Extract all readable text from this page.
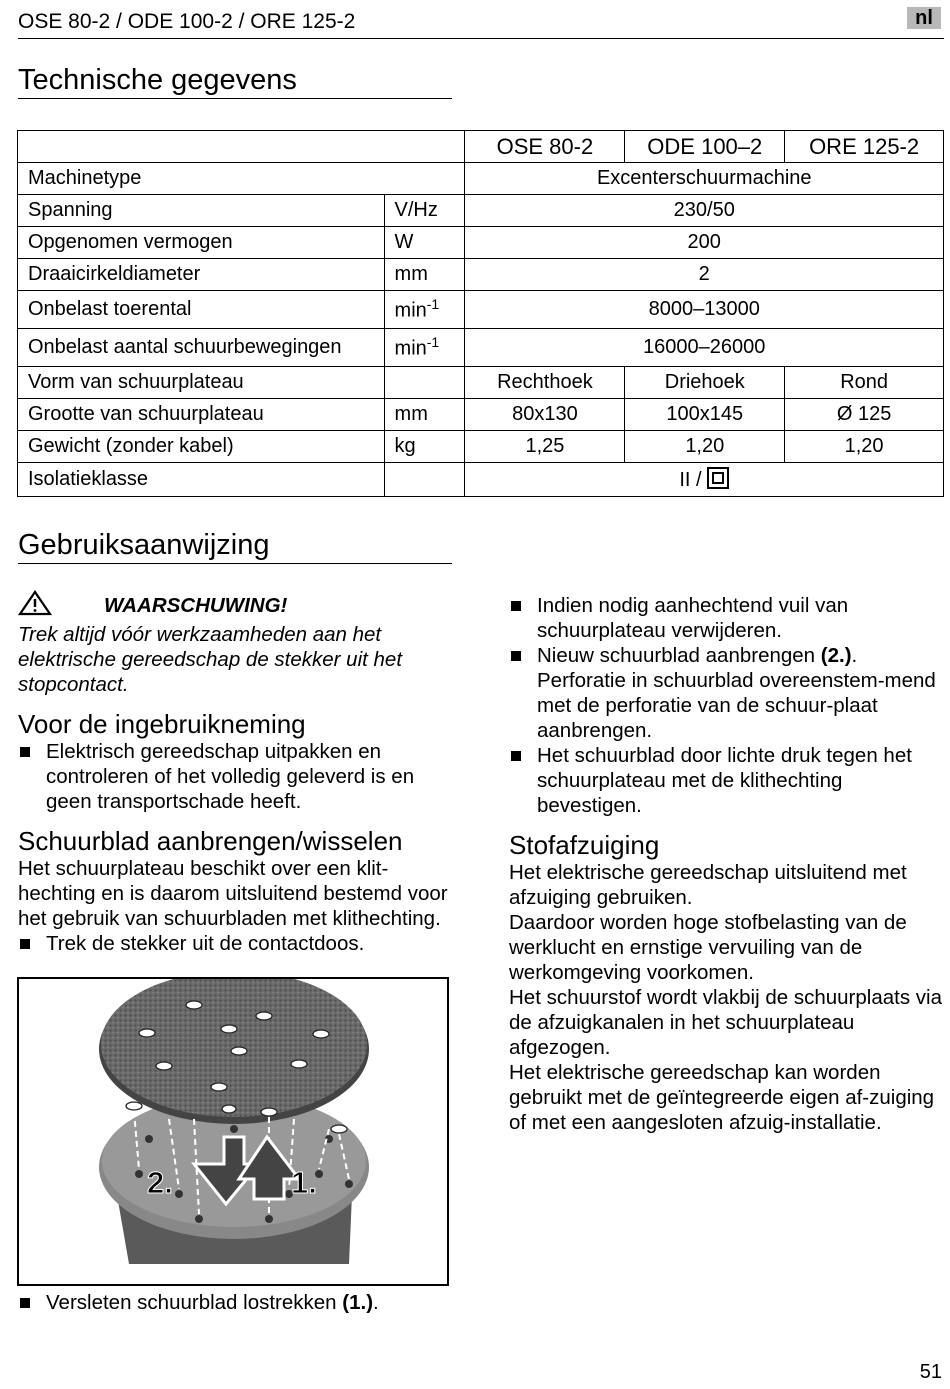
OSE 80-2 / ODE 100-2 / ORE 125-2	nl
Technische gegevens
		OSE 80-2	ODE 100–2	ORE 125-2
Machinetype		Excenterschuurmachine		
Spanning	V/Hz	230/50		
Opgenomen vermogen	W	200		
Draaicirkeldiameter	mm	2		
Onbelast toerental	$\min^{-1}$	8000–13000		
Onbelast aantal schuurbewegingen	$\min^{-1}$	16000–26000		
Vorm van schuurplateau		Rechthoek	Driehoek	Rond
Grootte van schuurplateau	mm	80x130	100x145	Ø 125
Gewicht (zonder kabel)	kg	1,25	1,20	1,20
Isolatieklasse		II /		
Gebruiksaanwijzing
WAARSCHUWING!

Trek altijd vóór werkzaamheden aan het elektrische gereedschap de stekker uit het stopcontact.

Voor de ingebruikneming
Elektrisch gereedschap uitpakken en controleren of het volledig geleverd is en geen transportschade heeft.
Schuurblad aanbrengen/wisselen

Het schuurplateau beschikt over een klit-hechting en is daarom uitsluitend bestemd voor het gebruik van schuurbladen met klithechting.

Trek de stekker uit de contactdoos.
2.	1.
Versleten schuurblad lostrekken (1.).
Indien nodig aanhechtend vuil van schuurplateau verwijderen.
Nieuw schuurblad aanbrengen (2.). Perforatie in schuurblad overeenstem-mend met de perforatie van de schuur-plaat aanbrengen.
Het schuurblad door lichte druk tegen het schuurplateau met de klithechting bevestigen.
Stofafzuiging

Het elektrische gereedschap uitsluitend met afzuiging gebruiken.

Daardoor worden hoge stofbelasting van de werklucht en ernstige vervuiling van de werkomgeving voorkomen.

Het schuurstof wordt vlakbij de schuurplaats via de afzuigkanalen in het schuurplateau afgezogen.

Het elektrische gereedschap kan worden gebruikt met de geïntegreerde eigen af-zuiging of met een aangesloten afzuig-installatie.

51
